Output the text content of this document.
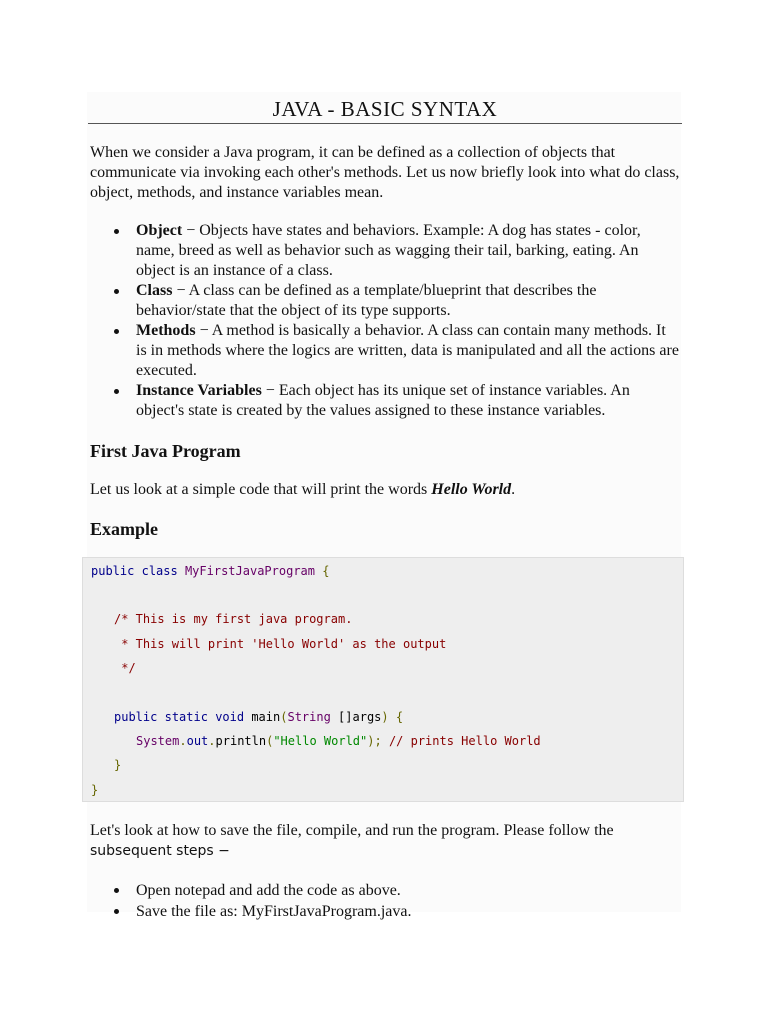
JAVA - BASIC SYNTAX

When we consider a Java program, it can be defined as a collection of objects that communicate via invoking each other's methods. Let us now briefly look into what do class, object, methods, and instance variables mean.

Object − Objects have states and behaviors. Example: A dog has states - color, name, breed as well as behavior such as wagging their tail, barking, eating. An object is an instance of a class.
Class − A class can be defined as a template/blueprint that describes the behavior/state that the object of its type supports.
Methods − A method is basically a behavior. A class can contain many methods. It is in methods where the logics are written, data is manipulated and all the actions are executed.
Instance Variables − Each object has its unique set of instance variables. An object's state is created by the values assigned to these instance variables.
First Java Program

Let us look at a simple code that will print the words Hello World.

Example

Let's look at how to save the file, compile, and run the program. Please follow the
subsequent steps −

Open notepad and add the code as above.
Save the file as: MyFirstJavaProgram.java.
public class MyFirstJavaProgram {
/* This is my first java program.
* This will print 'Hello World' as the output
*/
public static void main(String []args) {
System.out.println("Hello World"); // prints Hello World
}
}
